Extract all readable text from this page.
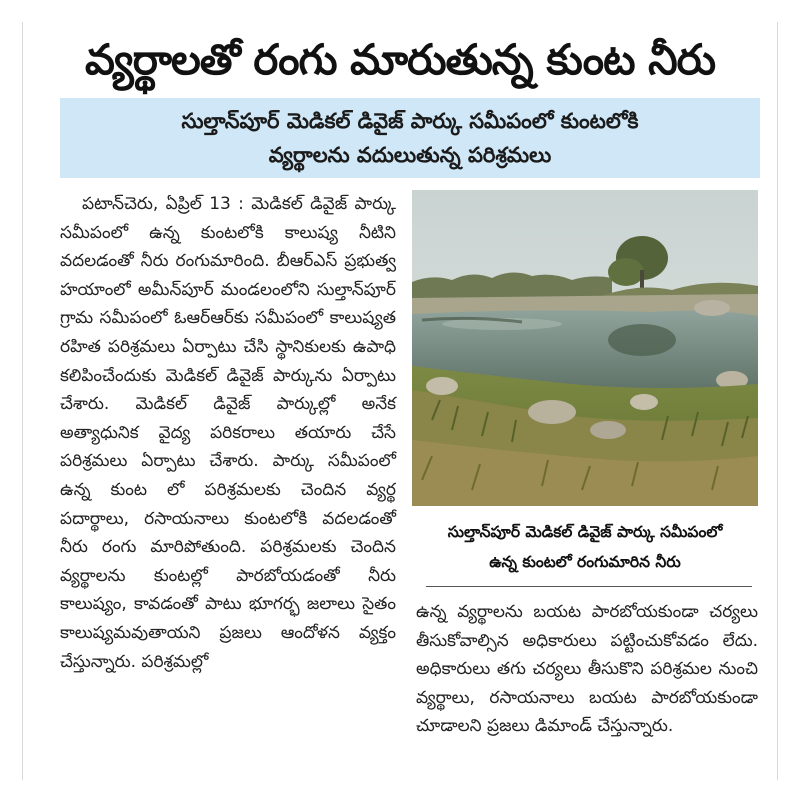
వ్యర్థాలతో రంగు మారుతున్న కుంట నీరు
సుల్తాన్‌పూర్ మెడికల్ డివైజ్ పార్కు సమీపంలో కుంటలోకి
వ్యర్థాలను వదులుతున్న పరిశ్రమలు

పటాన్‌చెరు, ఏప్రిల్ 13 : మెడికల్ డివైజ్ పార్కు సమీపంలో ఉన్న కుంటలోకి కాలుష్య నీటిని వదలడంతో నీరు రంగుమారింది. బీఆర్ఎస్ ప్రభుత్వ హయాంలో అమీన్‌పూర్ మండలంలోని సుల్తాన్‌పూర్ గ్రామ సమీపంలో ఓఆర్ఆర్‌కు సమీపంలో కాలుష్యత రహిత పరిశ్రమలు ఏర్పాటు చేసి స్థానికులకు ఉపాధి కలిపించేందుకు మెడికల్ డివైజ్ పార్కును ఏర్పాటు చేశారు. మెడికల్ డివైజ్ పార్కుల్లో అనేక అత్యాధునిక వైద్య పరికరాలు తయారు చేసే పరిశ్రమలు ఏర్పాటు చేశారు. పార్కు సమీపంలో ఉన్న కుంట లో పరిశ్రమలకు చెందిన వ్యర్థ పదార్థాలు, రసాయనాలు కుంటలోకి వదలడంతో నీరు రంగు మారిపోతుంది. పరిశ్రమలకు చెందిన వ్యర్థాలను కుంటల్లో పారబోయడంతో నీరు కాలుష్యం, కావడంతో పాటు భూగర్భ జలాలు సైతం కాలుష్యమవుతాయని ప్రజలు ఆందోళన వ్యక్తం చేస్తున్నారు. పరిశ్రమల్లో

సుల్తాన్‌పూర్ మెడికల్ డివైజ్ పార్కు సమీపంలో
ఉన్న కుంటలో రంగుమారిన నీరు

ఉన్న వ్యర్థాలను బయట పారబోయకుండా చర్యలు తీసుకోవాల్సిన అధికారులు పట్టించుకోవడం లేదు. అధికారులు తగు చర్యలు తీసుకొని పరిశ్రమల నుంచి వ్యర్థాలు, రసాయనాలు బయట పారబోయకుండా చూడాలని ప్రజలు డిమాండ్ చేస్తున్నారు.
